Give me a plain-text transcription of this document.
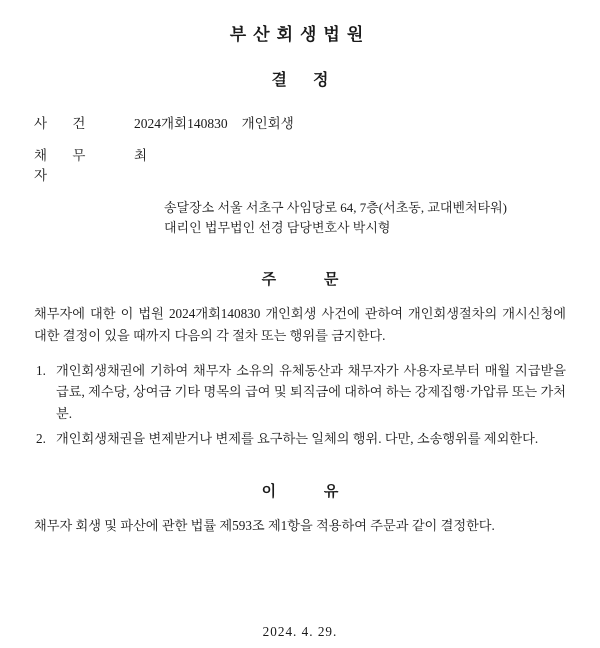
부산회생법원
결정
사 건	2024개회140830 개인회생
채 무 자
최
송달장소 서울 서초구 사임당로 64, 7층(서초동, 교대벤처타워)
대리인 법무법인 선경 담당변호사 박시형
주 문

채무자에 대한 이 법원 2024개회140830 개인회생 사건에 관하여 개인회생절차의 개시신청에 대한 결정이 있을 때까지 다음의 각 절차 또는 행위를 금지한다.

1. 개인회생채권에 기하여 채무자 소유의 유체동산과 채무자가 사용자로부터 매월 지급받을 급료, 제수당, 상여금 기타 명목의 급여 및 퇴직금에 대하여 하는 강제집행·가압류 또는 가처분.
2. 개인회생채권을 변제받거나 변제를 요구하는 일체의 행위. 다만, 소송행위를 제외한다.
이 유

채무자 회생 및 파산에 관한 법률 제593조 제1항을 적용하여 주문과 같이 결정한다.

2024. 4. 29.
